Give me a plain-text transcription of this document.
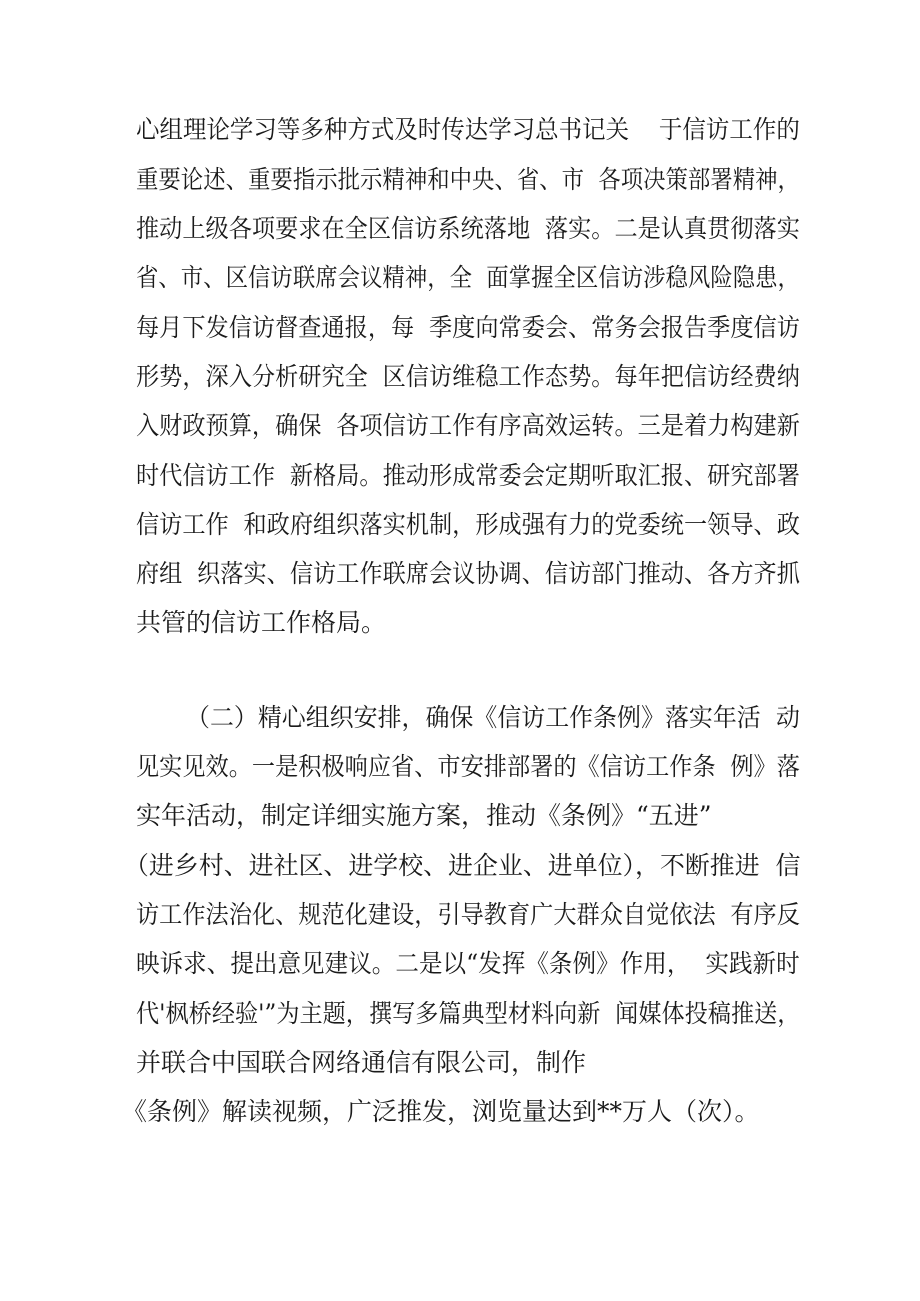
心组理论学习等多种方式及时传达学习总书记关    于信访工作的
重要论述、重要指示批示精神和中央、省、市  各项决策部署精神，
推动上级各项要求在全区信访系统落地  落实。二是认真贯彻落实
省、市、区信访联席会议精神，全  面掌握全区信访涉稳风险隐患，
每月下发信访督查通报，每  季度向常委会、常务会报告季度信访
形势，深入分析研究全  区信访维稳工作态势。每年把信访经费纳
入财政预算，确保  各项信访工作有序高效运转。三是着力构建新
时代信访工作  新格局。推动形成常委会定期听取汇报、研究部署
信访工作  和政府组织落实机制，形成强有力的党委统一领导、政
府组  织落实、信访工作联席会议协调、信访部门推动、各方齐抓
共管的信访工作格局。
（二）精心组织安排，确保《信访工作条例》落实年活  动
见实见效。一是积极响应省、市安排部署的《信访工作条  例》落
实年活动，制定详细实施方案，推动《条例》“五进”
（进乡村、进社区、进学校、进企业、进单位），不断推进  信
访工作法治化、规范化建设，引导教育广大群众自觉依法  有序反
映诉求、提出意见建议。二是以“发挥《条例》作用，  实践新时
代'枫桥经验'”为主题，撰写多篇典型材料向新  闻媒体投稿推送，
并联合中国联合网络通信有限公司，制作
《条例》解读视频，广泛推发，浏览量达到**万人（次）。
